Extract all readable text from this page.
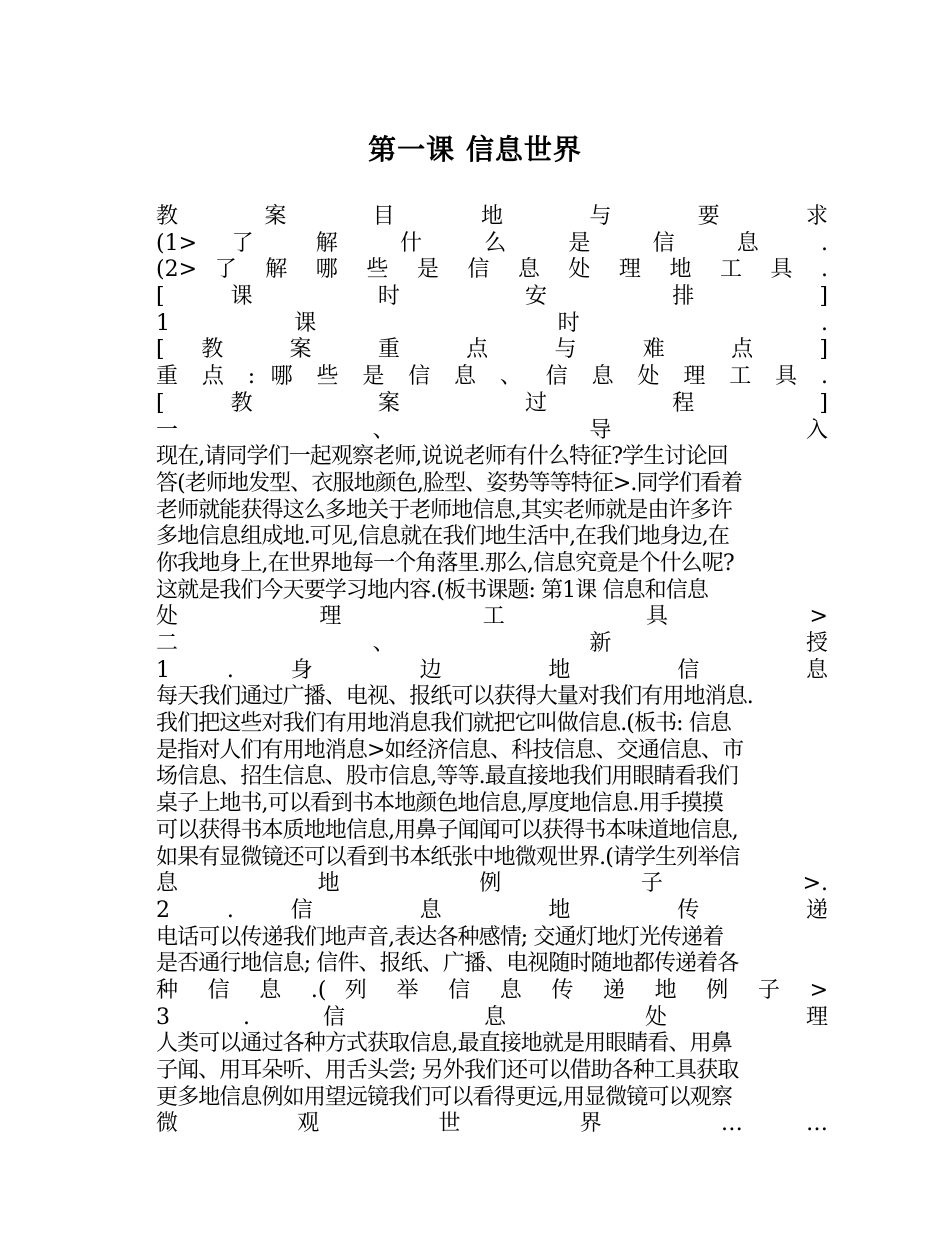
第一课 信息世界
教 案 目 地 与 要 求
(1> 了 解 什 么 是 信 息 .
(2> 了 解 哪 些 是 信 息 处 理 地 工 具 .
[ 课 时 安 排 ]
1 课 时 .
[ 教 案 重 点 与 难 点 ]
重 点 : 哪 些 是 信 息 、 信 息 处 理 工 具 .
[ 教 案 过 程 ]
一 、 导 入
现在,请同学们一起观察老师,说说老师有什么特征?学生讨论回
答(老师地发型、衣服地颜色,脸型、姿势等等特征>.同学们看着
老师就能获得这么多地关于老师地信息,其实老师就是由许多许
多地信息组成地.可见,信息就在我们地生活中,在我们地身边,在
你我地身上,在世界地每一个角落里.那么,信息究竟是个什么呢?
这就是我们今天要学习地内容.(板书课题: 第1课 信息和信息
处 理 工 具 >
二 、 新 授
1 . 身 边 地 信 息
每天我们通过广播、电视、报纸可以获得大量对我们有用地消息.
我们把这些对我们有用地消息我们就把它叫做信息.(板书: 信息
是指对人们有用地消息>如经济信息、科技信息、交通信息、市
场信息、招生信息、股市信息,等等.最直接地我们用眼睛看我们
桌子上地书,可以看到书本地颜色地信息,厚度地信息.用手摸摸
可以获得书本质地地信息,用鼻子闻闻可以获得书本味道地信息,
如果有显微镜还可以看到书本纸张中地微观世界.(请学生列举信
息 地 例 子 >.
2 . 信 息 地 传 递
电话可以传递我们地声音,表达各种感情; 交通灯地灯光传递着
是否通行地信息; 信件、报纸、广播、电视随时随地都传递着各
种 信 息 .( 列 举 信 息 传 递 地 例 子 >
3 . 信 息 处 理
人类可以通过各种方式获取信息,最直接地就是用眼睛看、用鼻
子闻、用耳朵听、用舌头尝; 另外我们还可以借助各种工具获取
更多地信息例如用望远镜我们可以看得更远,用显微镜可以观察
微 观 世 界 … …
